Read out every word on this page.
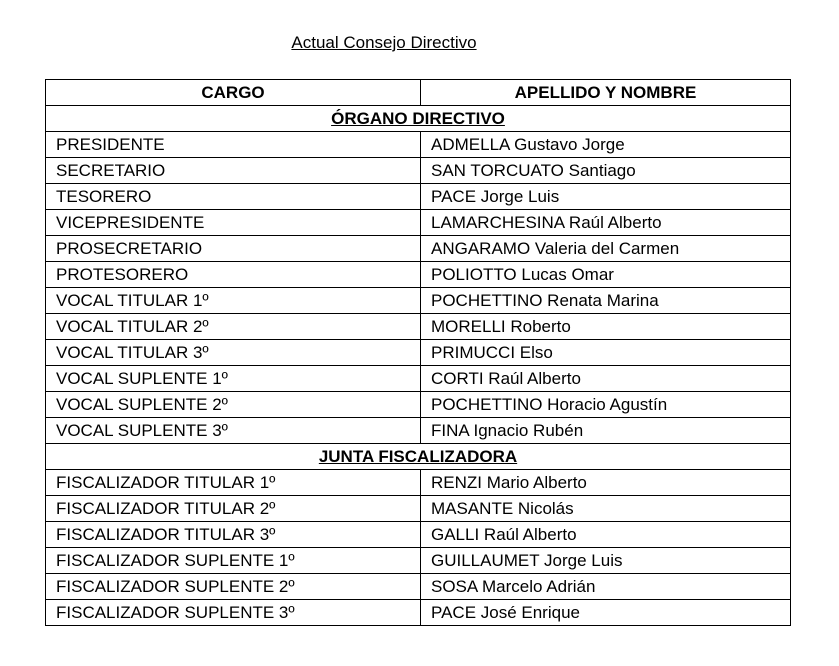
Actual Consejo Directivo
CARGO	APELLIDO Y NOMBRE
ÓRGANO DIRECTIVO	
PRESIDENTE	ADMELLA Gustavo Jorge
SECRETARIO	SAN TORCUATO Santiago
TESORERO	PACE Jorge Luis
VICEPRESIDENTE	LAMARCHESINA Raúl Alberto
PROSECRETARIO	ANGARAMO Valeria del Carmen
PROTESORERO	POLIOTTO Lucas Omar
VOCAL TITULAR 1º	POCHETTINO Renata Marina
VOCAL TITULAR 2º	MORELLI Roberto
VOCAL TITULAR 3º	PRIMUCCI Elso
VOCAL SUPLENTE 1º	CORTI Raúl Alberto
VOCAL SUPLENTE 2º	POCHETTINO Horacio Agustín
VOCAL SUPLENTE 3º	FINA Ignacio Rubén
JUNTA FISCALIZADORA	
FISCALIZADOR TITULAR 1º	RENZI Mario Alberto
FISCALIZADOR TITULAR 2º	MASANTE Nicolás
FISCALIZADOR TITULAR 3º	GALLI Raúl Alberto
FISCALIZADOR SUPLENTE 1º	GUILLAUMET Jorge Luis
FISCALIZADOR SUPLENTE 2º	SOSA Marcelo Adrián
FISCALIZADOR SUPLENTE 3º	PACE José Enrique
